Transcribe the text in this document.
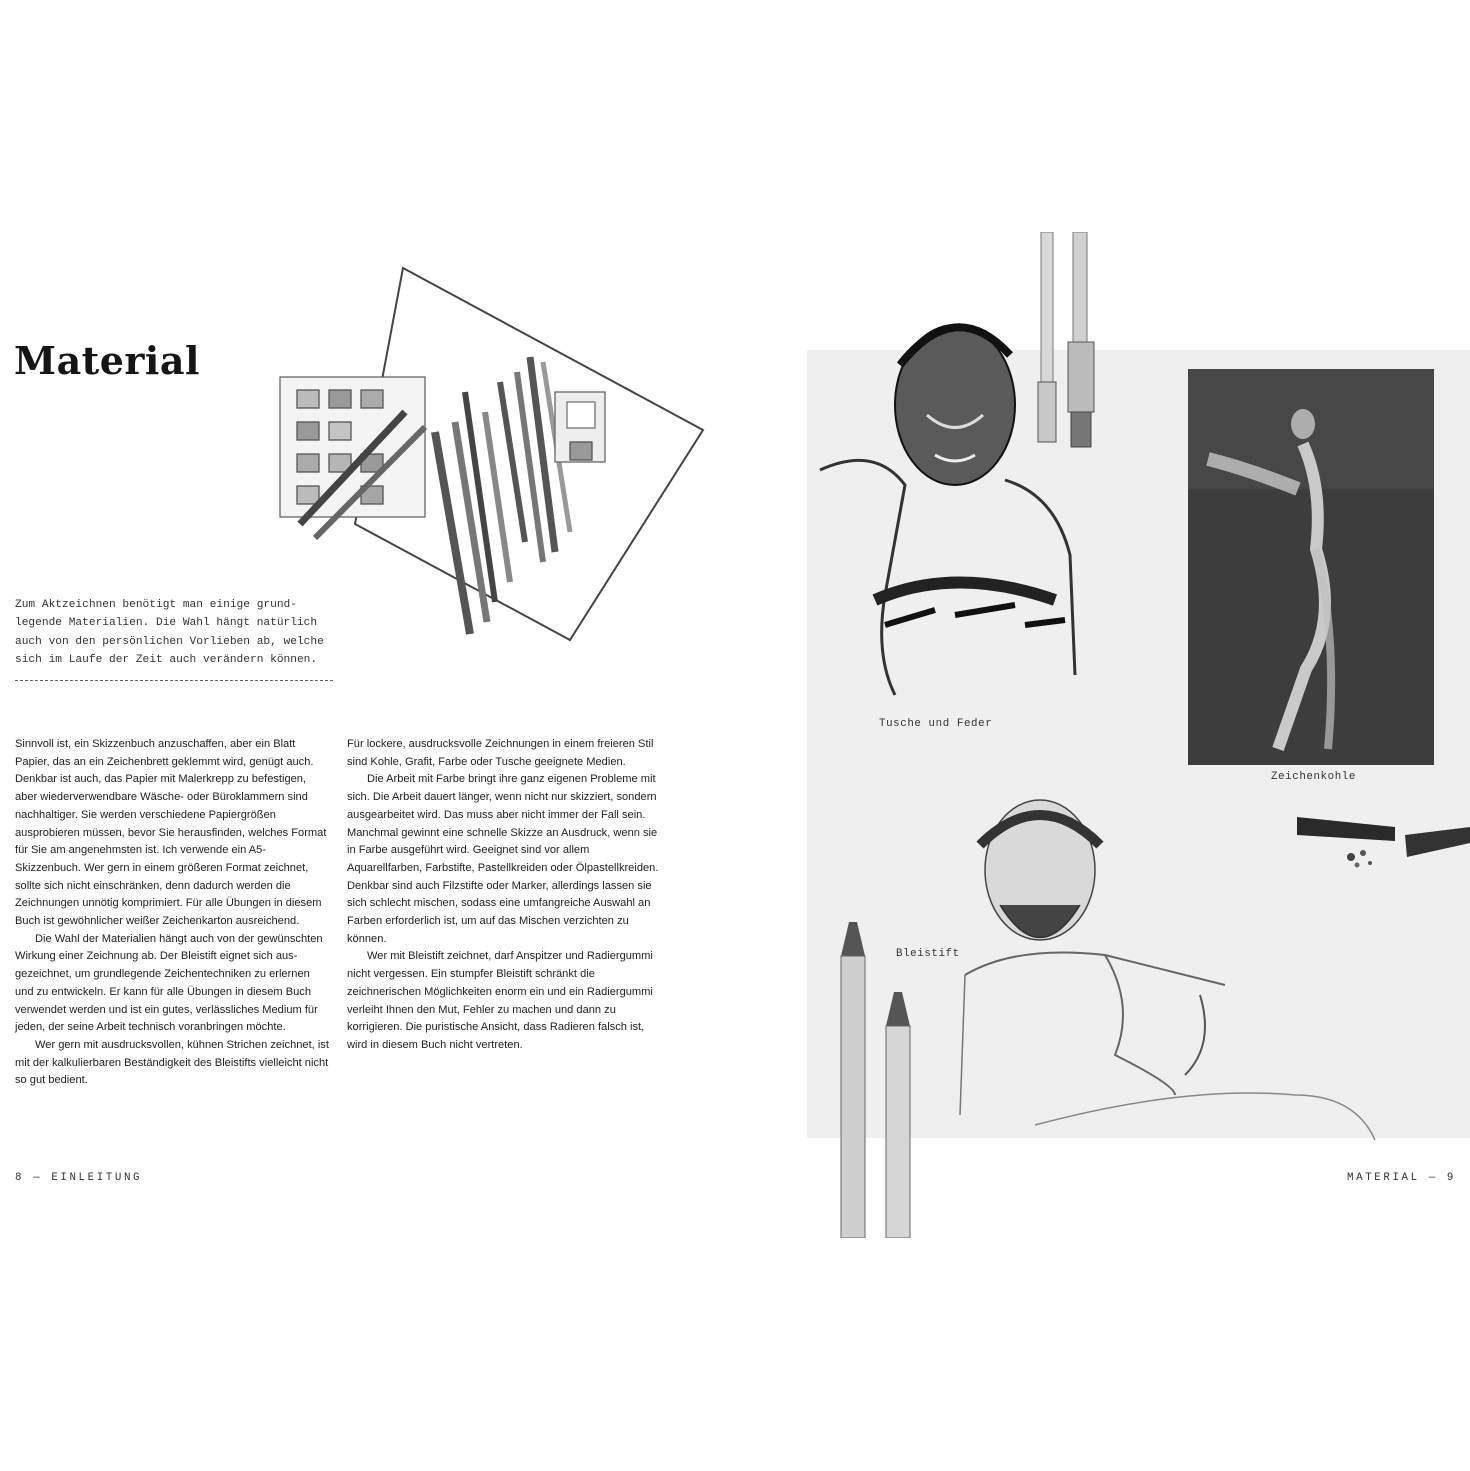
Material
Zum Aktzeichnen benötigt man einige grund-
legende Materialien. Die Wahl hängt natürlich
auch von den persönlichen Vorlieben ab, welche
sich im Laufe der Zeit auch verändern können.

Sinnvoll ist, ein Skizzenbuch anzuschaffen, aber ein Blatt Papier, das an ein Zeichenbrett geklemmt wird, genügt auch. Denkbar ist auch, das Papier mit Malerkrepp zu befestigen, aber wiederverwendbare Wäsche- oder Büroklammern sind nachhaltiger. Sie werden verschiedene Papiergrößen ausprobieren müssen, bevor Sie herausfinden, welches Format für Sie am angenehmsten ist. Ich verwende ein A5-Skizzenbuch. Wer gern in einem größeren Format zeichnet, sollte sich nicht einschränken, denn dadurch werden die Zeichnungen unnötig komprimiert. Für alle Übungen in diesem Buch ist gewöhnlicher weißer Zeichenkarton ausreichend.

Die Wahl der Materialien hängt auch von der gewünschten Wirkung einer Zeichnung ab. Der Bleistift eignet sich ausgezeichnet, um grundlegende Zeichentechniken zu erlernen und zu entwickeln. Er kann für alle Übungen in diesem Buch verwendet werden und ist ein gutes, verlässliches Medium für jeden, der seine Arbeit technisch voranbringen möchte.

Wer gern mit ausdrucksvollen, kühnen Strichen zeichnet, ist mit der kalkulierbaren Beständigkeit des Bleistifts vielleicht nicht so gut bedient.

Für lockere, ausdrucksvolle Zeichnungen in einem freieren Stil sind Kohle, Grafit, Farbe oder Tusche geeignete Medien.

Die Arbeit mit Farbe bringt ihre ganz eigenen Probleme mit sich. Die Arbeit dauert länger, wenn nicht nur skizziert, sondern ausgearbeitet wird. Das muss aber nicht immer der Fall sein. Manchmal gewinnt eine schnelle Skizze an Ausdruck, wenn sie in Farbe ausgeführt wird. Geeignet sind vor allem Aquarellfarben, Farbstifte, Pastellkreiden oder Ölpastellkreiden. Denkbar sind auch Filzstifte oder Marker, allerdings lassen sie sich schlecht mischen, sodass eine umfangreiche Auswahl an Farben erforderlich ist, um auf das Mischen verzichten zu können.

Wer mit Bleistift zeichnet, darf Anspitzer und Radiergummi nicht vergessen. Ein stumpfer Bleistift schränkt die zeichnerischen Möglichkeiten enorm ein und ein Radiergummi verleiht Ihnen den Mut, Fehler zu machen und dann zu korrigieren. Die puristische Ansicht, dass Radieren falsch ist, wird in diesem Buch nicht vertreten.

8 — EINLEITUNG
Tusche und Feder
Zeichenkohle
Bleistift
MATERIAL — 9
